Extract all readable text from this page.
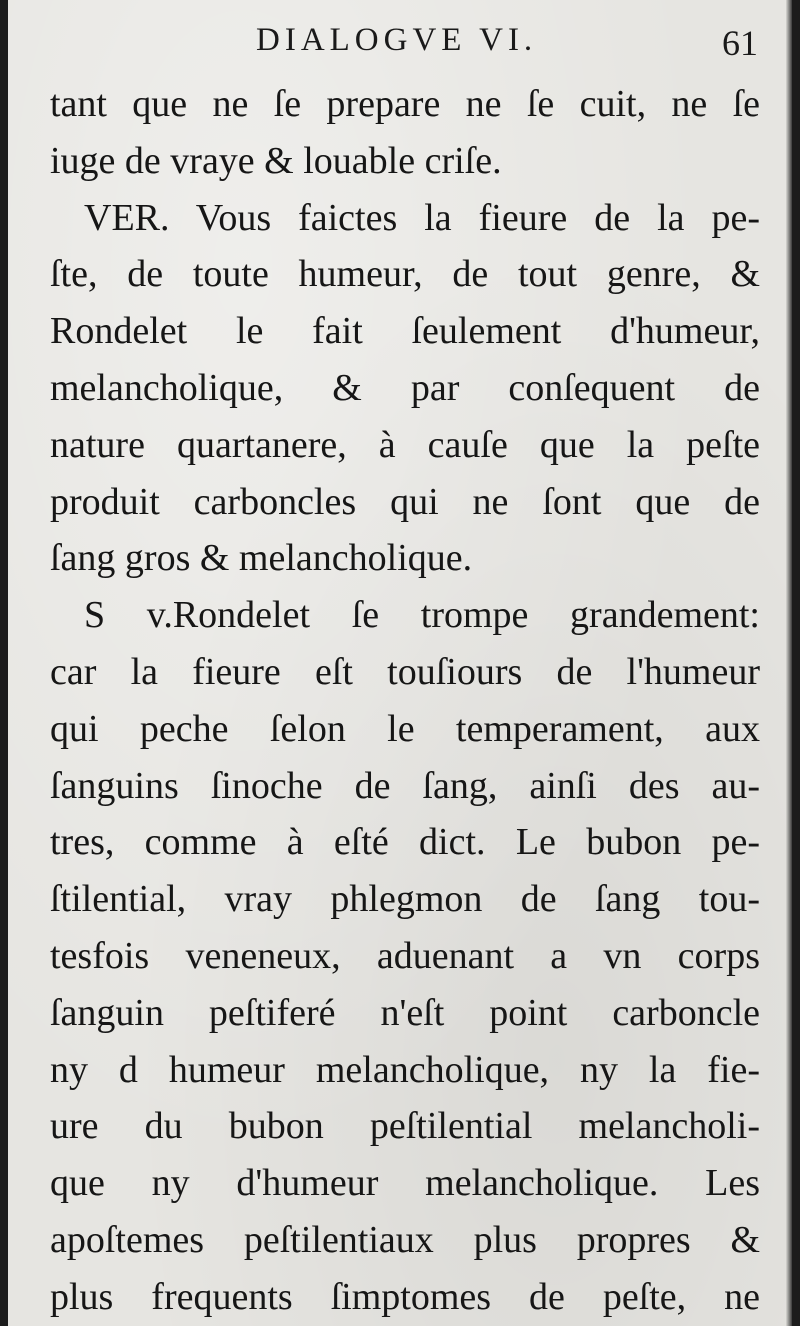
DIALOGVE VI.	61
tant que ne ſe prepare ne ſe cuit, ne ſe
iuge de vraye & louable criſe.
VER. Vous faictes la fieure de la pe-
ſte, de toute humeur, de tout genre, &
Rondelet le fait ſeulement d'humeur,
melancholique, & par conſequent de
nature quartanere, à cauſe que la peſte
produit carboncles qui ne ſont que de
ſang gros & melancholique.
S v.Rondelet ſe trompe grandement:
car la fieure eſt touſiours de l'humeur
qui peche ſelon le temperament, aux
ſanguins ſinoche de ſang, ainſi des au-
tres, comme à eſté dict. Le bubon pe-
ſtilential, vray phlegmon de ſang tou-
tesfois veneneux, aduenant a vn corps
ſanguin peſtiferé n'eſt point carboncle
ny d humeur melancholique, ny la fie-
ure du bubon peſtilential melancholi-
que ny d'humeur melancholique. Les
apoſtemes peſtilentiaux plus propres &
plus frequents ſimptomes de peſte, ne
